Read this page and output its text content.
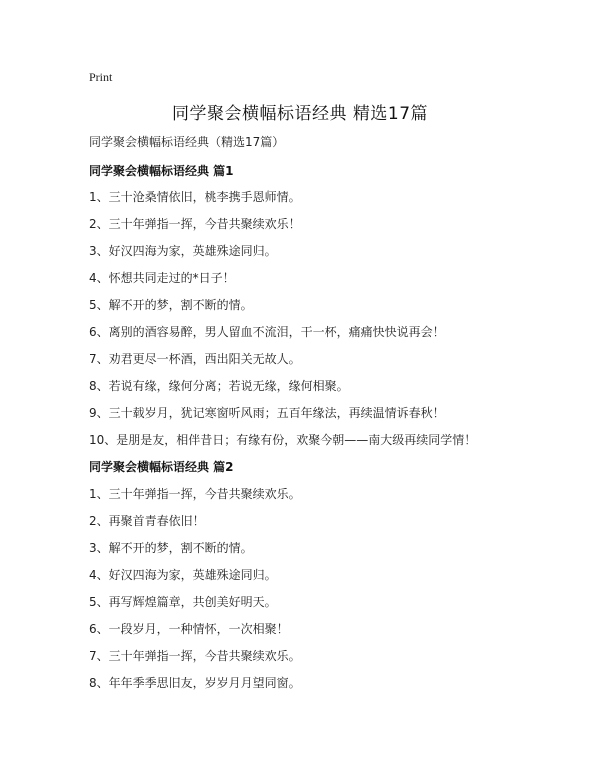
Print
同学聚会横幅标语经典 精选17篇
同学聚会横幅标语经典（精选17篇）
同学聚会横幅标语经典 篇1
1、三十沧桑情依旧，桃李携手恩师情。
2、三十年弹指一挥，今昔共聚续欢乐！
3、好汉四海为家，英雄殊途同归。
4、怀想共同走过的*日子！
5、解不开的梦，割不断的情。
6、离别的酒容易醉，男人留血不流泪，干一杯，痛痛快快说再会！
7、劝君更尽一杯酒，西出阳关无故人。
8、若说有缘，缘何分离；若说无缘，缘何相聚。
9、三十载岁月，犹记寒窗听风雨；五百年缘法，再续温情诉春秋！
10、是朋是友，相伴昔日；有缘有份，欢聚今朝——南大级再续同学情！
同学聚会横幅标语经典 篇2
1、三十年弹指一挥，今昔共聚续欢乐。
2、再聚首青春依旧！
3、解不开的梦，割不断的情。
4、好汉四海为家，英雄殊途同归。
5、再写辉煌篇章，共创美好明天。
6、一段岁月，一种情怀，一次相聚！
7、三十年弹指一挥，今昔共聚续欢乐。
8、年年季季思旧友，岁岁月月望同窗。
